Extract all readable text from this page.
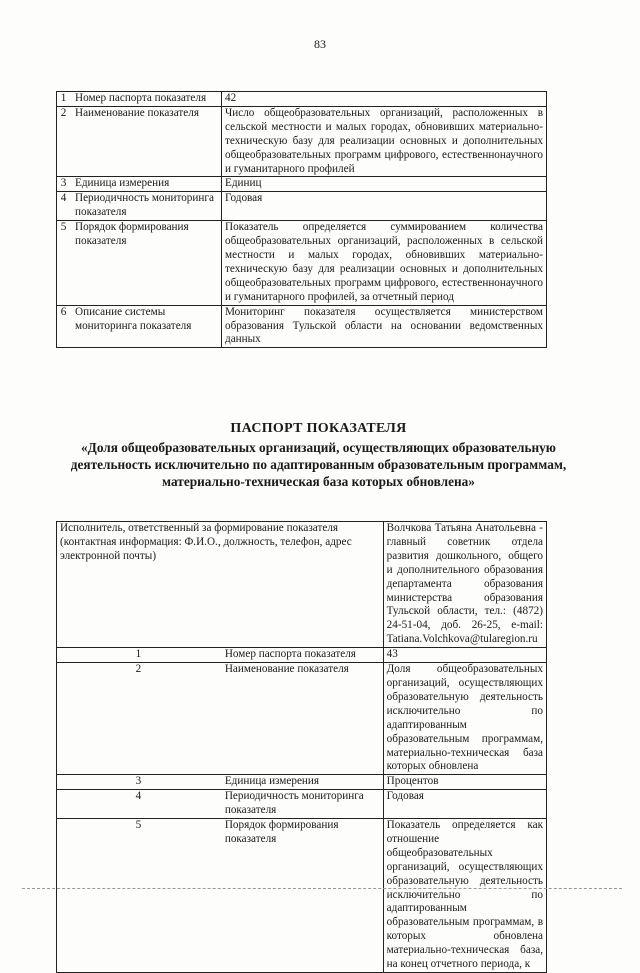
83
1	Номер паспорта показателя	42
2	Наименование показателя	Число общеобразовательных организаций, расположенных в сельской местности и малых городах, обновивших материально-техническую базу для реализации основных и дополнительных общеобразовательных программ цифрового, естественнонаучного и гуманитарного профилей
3	Единица измерения	Единиц
4	Периодичность мониторинга показателя	Годовая
5	Порядок формирования показателя	Показатель определяется суммированием количества общеобразовательных организаций, расположенных в сельской местности и малых городах, обновивших материально-техническую базу для реализации основных и дополнительных общеобразовательных программ цифрового, естественнонаучного и гуманитарного профилей, за отчетный период
6	Описание системы мониторинга показателя	Мониторинг показателя осуществляется министерством образования Тульской области на основании ведомственных данных
ПАСПОРТ ПОКАЗАТЕЛЯ
«Доля общеобразовательных организаций, осуществляющих образовательную деятельность исключительно по адаптированным образовательным программам, материально-техническая база которых обновлена»
Исполнитель, ответственный за формирование показателя (контактная информация: Ф.И.О., должность, телефон, адрес электронной почты)		Волчкова Татьяна Анатольевна - главный советник отдела развития дошкольного, общего и дополнительного образования департамента образования министерства образования Тульской области, тел.: (4872) 24-51-04, доб. 26-25, e-mail: Tatiana.Volchkova@tularegion.ru
1	Номер паспорта показателя	43
2	Наименование показателя	Доля общеобразовательных организаций, осуществляющих образовательную деятельность исключительно по адаптированным образовательным программам, материально-техническая база которых обновлена
3	Единица измерения	Процентов
4	Периодичность мониторинга показателя	Годовая
5	Порядок формирования показателя	Показатель определяется как отношение общеобразовательных организаций, осуществляющих образовательную деятельность исключительно по адаптированным образовательным программам, в которых обновлена материально-техническая база, на конец отчетного периода, к
